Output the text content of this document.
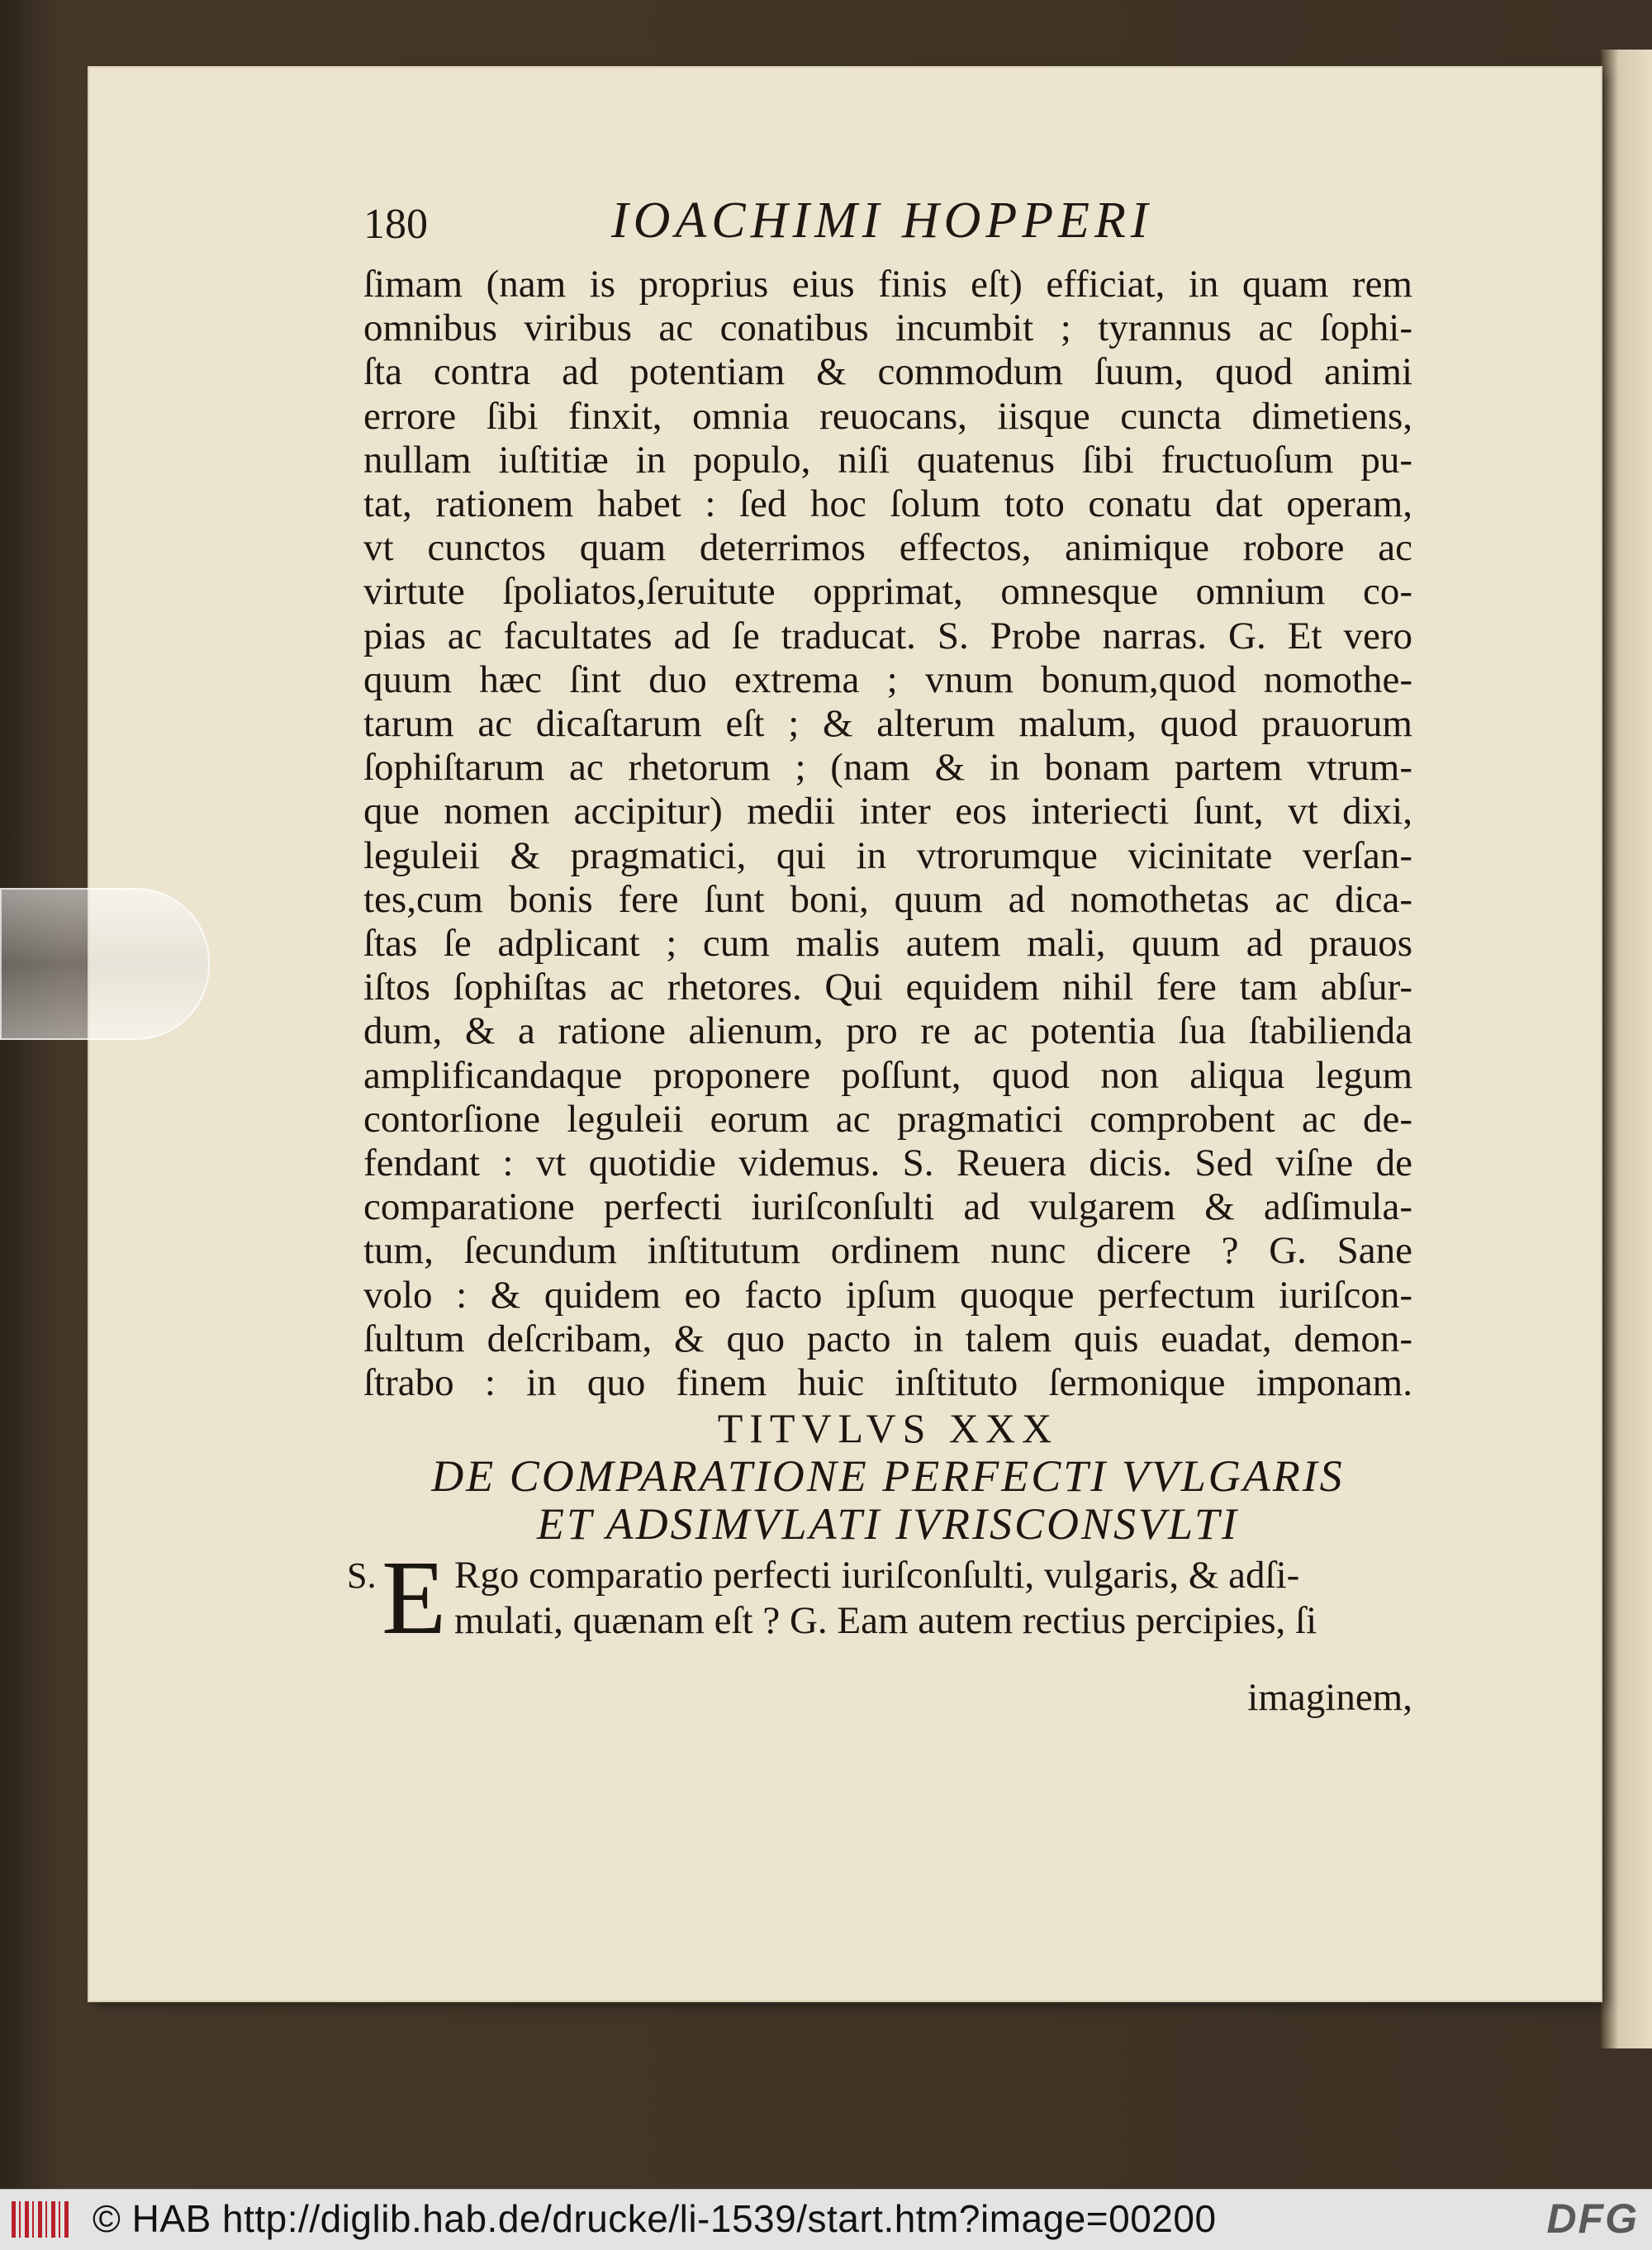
180	IOACHIMI HOPPERI
ſimam (nam is proprius eius finis eſt) efficiat, in quam rem
omnibus viribus ac conatibus incumbit ; tyrannus ac ſophi-
ſta contra ad potentiam & commodum ſuum, quod animi
errore ſibi finxit, omnia reuocans, iisque cuncta dimetiens,
nullam iuſtitiæ in populo, niſi quatenus ſibi fructuoſum pu-
tat, rationem habet : ſed hoc ſolum toto conatu dat operam,
vt cunctos quam deterrimos effectos, animique robore ac
virtute ſpoliatos,ſeruitute opprimat, omnesque omnium co-
pias ac facultates ad ſe traducat. S. Probe narras. G. Et vero
quum hæc ſint duo extrema ; vnum bonum,quod nomothe-
tarum ac dicaſtarum eſt ; & alterum malum, quod prauorum
ſophiſtarum ac rhetorum ; (nam & in bonam partem vtrum-
que nomen accipitur) medii inter eos interiecti ſunt, vt dixi,
leguleii & pragmatici, qui in vtrorumque vicinitate verſan-
tes,cum bonis fere ſunt boni, quum ad nomothetas ac dica-
ſtas ſe adplicant ; cum malis autem mali, quum ad prauos
iſtos ſophiſtas ac rhetores. Qui equidem nihil fere tam abſur-
dum, & a ratione alienum, pro re ac potentia ſua ſtabilienda
amplificandaque proponere poſſunt, quod non aliqua legum
contorſione leguleii eorum ac pragmatici comprobent ac de-
fendant : vt quotidie videmus. S. Reuera dicis. Sed viſne de
comparatione perfecti iuriſconſulti ad vulgarem & adſimula-
tum, ſecundum inſtitutum ordinem nunc dicere ? G. Sane
volo : & quidem eo facto ipſum quoque perfectum iuriſcon-
ſultum deſcribam, & quo pacto in talem quis euadat, demon-
ſtrabo : in quo finem huic inſtituto ſermonique imponam.
TITVLVS XXX
DE COMPARATIONE PERFECTI VVLGARIS
ET ADSIMVLATI IVRISCONSVLTI
S. E Rgo comparatio perfecti iuriſconſulti, vulgaris, & adſi-
mulati, quænam eſt ? G. Eam autem rectius percipies, ſi
imaginem,
© HAB http://diglib.hab.de/drucke/li-1539/start.htm?image=00200	DFG
